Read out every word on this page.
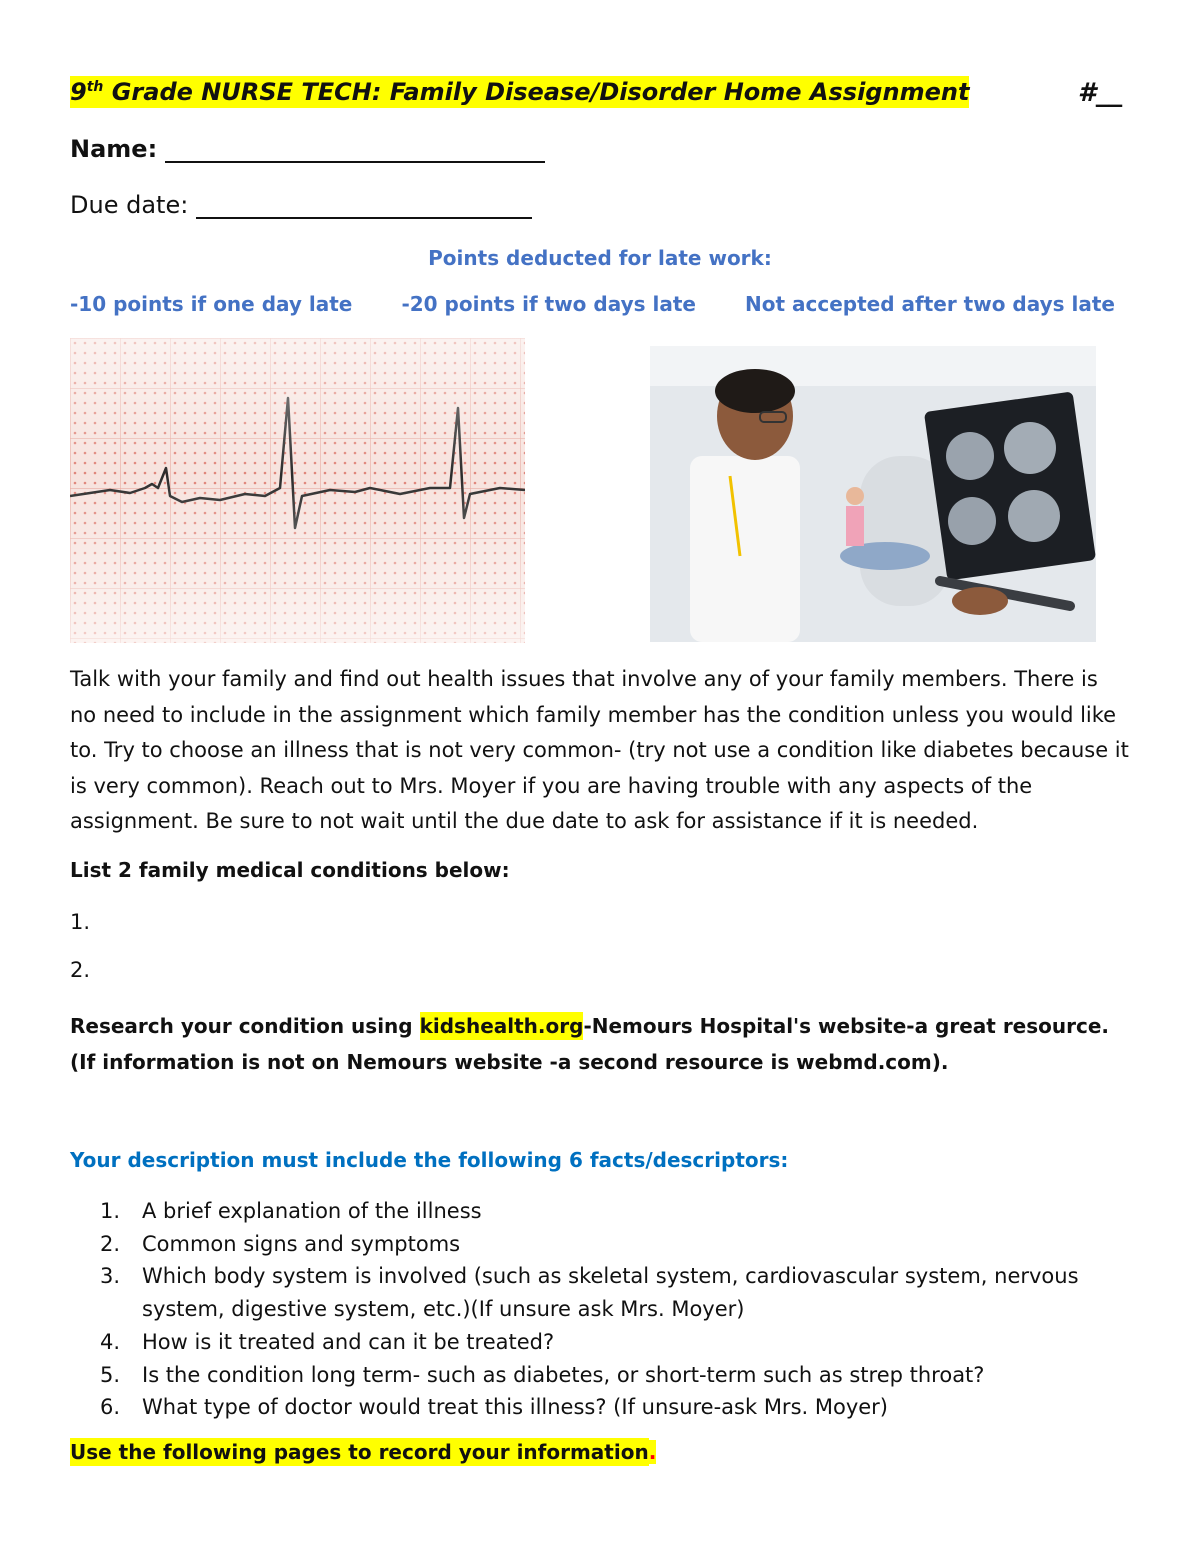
9th Grade NURSE TECH: Family Disease/Disorder Home Assignment	#__
Name:
Due date:
Points deducted for late work:
-10 points if one day late -20 points if two days late Not accepted after two days late
Talk with your family and find out health issues that involve any of your family members. There is no need to include in the assignment which family member has the condition unless you would like to. Try to choose an illness that is not very common- (try not use a condition like diabetes because it is very common). Reach out to Mrs. Moyer if you are having trouble with any aspects of the assignment. Be sure to not wait until the due date to ask for assistance if it is needed.
List 2 family medical conditions below:
1.
2.
Research your condition using kidshealth.org-Nemours Hospital's website-a great resource. (If information is not on Nemours website -a second resource is webmd.com).
Your description must include the following 6 facts/descriptors:
1. A brief explanation of the illness
2. Common signs and symptoms
3. Which body system is involved (such as skeletal system, cardiovascular system, nervous system, digestive system, etc.)(If unsure ask Mrs. Moyer)
4. How is it treated and can it be treated?
5. Is the condition long term- such as diabetes, or short-term such as strep throat?
6. What type of doctor would treat this illness? (If unsure-ask Mrs. Moyer)
Use the following pages to record your information.
